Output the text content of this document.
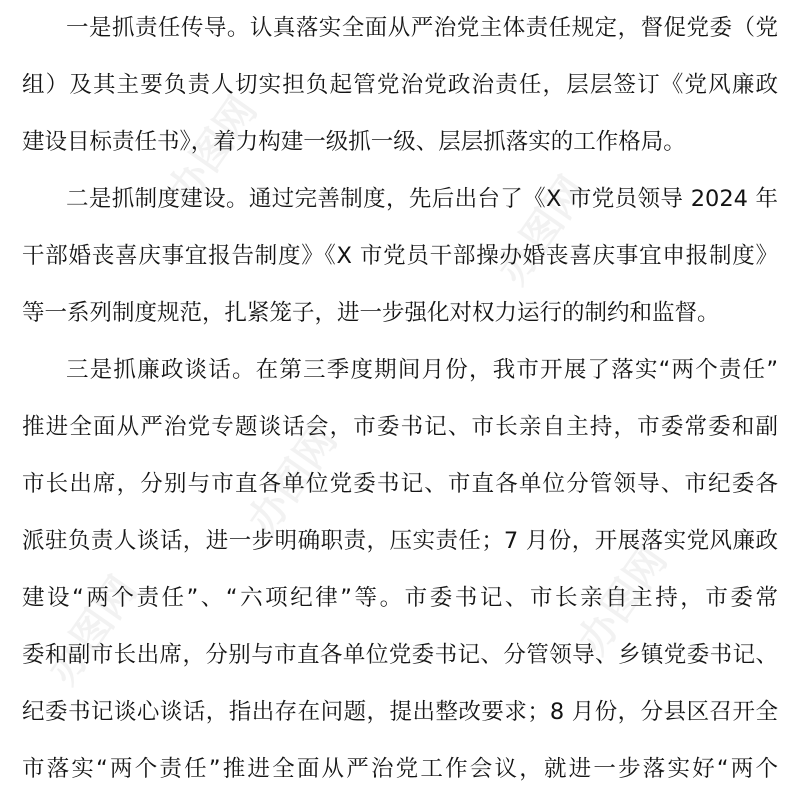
办图网
办图网
办图网
办图网	办图网
一是抓责任传导。认真落实全面从严治党主体责任规定，督促党委（党
组）及其主要负责人切实担负起管党治党政治责任，层层签订《党风廉政
建设目标责任书》，着力构建一级抓一级、层层抓落实的工作格局。
二是抓制度建设。通过完善制度，先后出台了《X 市党员领导 2024 年
干部婚丧喜庆事宜报告制度》《X 市党员干部操办婚丧喜庆事宜申报制度》
等一系列制度规范，扎紧笼子，进一步强化对权力运行的制约和监督。
三是抓廉政谈话。在第三季度期间月份，我市开展了落实“两个责任”
推进全面从严治党专题谈话会，市委书记、市长亲自主持，市委常委和副
市长出席，分别与市直各单位党委书记、市直各单位分管领导、市纪委各
派驻负责人谈话，进一步明确职责，压实责任；7 月份，开展落实党风廉政
建设“两个责任”、“六项纪律”等。市委书记、市长亲自主持，市委常
委和副市长出席，分别与市直各单位党委书记、分管领导、乡镇党委书记、
纪委书记谈心谈话，指出存在问题，提出整改要求；8 月份，分县区召开全
市落实“两个责任”推进全面从严治党工作会议，就进一步落实好“两个
